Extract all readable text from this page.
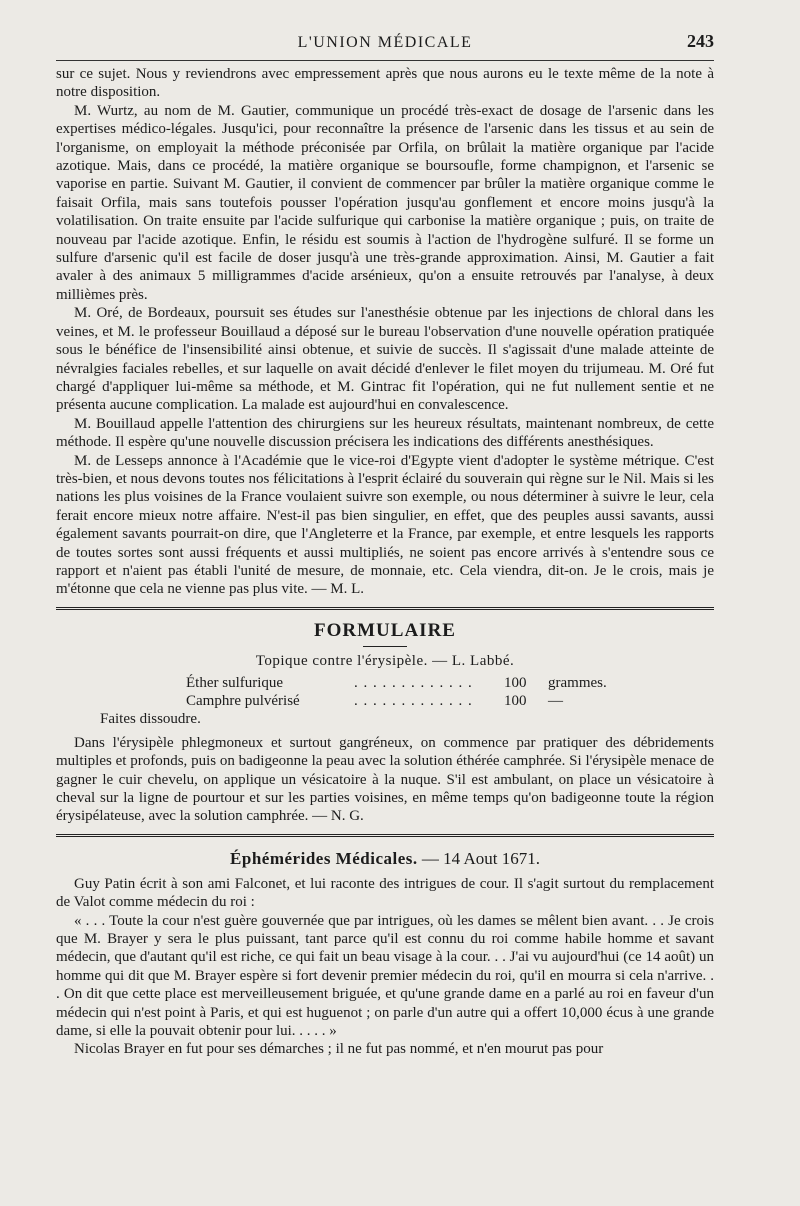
L'UNION MÉDICALE	243

sur ce sujet. Nous y reviendrons avec empressement après que nous aurons eu le texte même de la note à notre disposition.

M. Wurtz, au nom de M. Gautier, communique un procédé très-exact de dosage de l'arsenic dans les expertises médico-légales. Jusqu'ici, pour reconnaître la présence de l'arsenic dans les tissus et au sein de l'organisme, on employait la méthode préconisée par Orfila, on brûlait la matière organique par l'acide azotique. Mais, dans ce procédé, la matière organique se boursoufle, forme champignon, et l'arsenic se vaporise en partie. Suivant M. Gautier, il convient de commencer par brûler la matière organique comme le faisait Orfila, mais sans toutefois pousser l'opération jusqu'au gonflement et encore moins jusqu'à la volatilisation. On traite ensuite par l'acide sulfurique qui carbonise la matière organique ; puis, on traite de nouveau par l'acide azotique. Enfin, le résidu est soumis à l'action de l'hydrogène sulfuré. Il se forme un sulfure d'arsenic qu'il est facile de doser jusqu'à une très-grande approximation. Ainsi, M. Gautier a fait avaler à des animaux 5 milligrammes d'acide arsénieux, qu'on a ensuite retrouvés par l'analyse, à deux millièmes près.

M. Oré, de Bordeaux, poursuit ses études sur l'anesthésie obtenue par les injections de chloral dans les veines, et M. le professeur Bouillaud a déposé sur le bureau l'observation d'une nouvelle opération pratiquée sous le bénéfice de l'insensibilité ainsi obtenue, et suivie de succès. Il s'agissait d'une malade atteinte de névralgies faciales rebelles, et sur laquelle on avait décidé d'enlever le filet moyen du trijumeau. M. Oré fut chargé d'appliquer lui-même sa méthode, et M. Gintrac fit l'opération, qui ne fut nullement sentie et ne présenta aucune complication. La malade est aujourd'hui en convalescence.

M. Bouillaud appelle l'attention des chirurgiens sur les heureux résultats, maintenant nombreux, de cette méthode. Il espère qu'une nouvelle discussion précisera les indications des différents anesthésiques.

M. de Lesseps annonce à l'Académie que le vice-roi d'Egypte vient d'adopter le système métrique. C'est très-bien, et nous devons toutes nos félicitations à l'esprit éclairé du souverain qui règne sur le Nil. Mais si les nations les plus voisines de la France voulaient suivre son exemple, ou nous déterminer à suivre le leur, cela ferait encore mieux notre affaire. N'est-il pas bien singulier, en effet, que des peuples aussi savants, aussi également savants pourrait-on dire, que l'Angleterre et la France, par exemple, et entre lesquels les rapports de toutes sortes sont aussi fréquents et aussi multipliés, ne soient pas encore arrivés à s'entendre sous ce rapport et n'aient pas établi l'unité de mesure, de monnaie, etc. Cela viendra, dit-on. Je le crois, mais je m'étonne que cela ne vienne pas plus vite. — M. L.

FORMULAIRE
Topique contre l'érysipèle. — L. Labbé.
Éther sulfurique	. . . . . . . . . . . . . 100 grammes.
Camphre pulvérisé	. . . . . . . . . . . . . 100 —
Faites dissoudre.

Dans l'érysipèle phlegmoneux et surtout gangréneux, on commence par pratiquer des débridements multiples et profonds, puis on badigeonne la peau avec la solution éthérée camphrée. Si l'érysipèle menace de gagner le cuir chevelu, on applique un vésicatoire à la nuque. S'il est ambulant, on place un vésicatoire à cheval sur la ligne de pourtour et sur les parties voisines, en même temps qu'on badigeonne toute la région érysipélateuse, avec la solution camphrée. — N. G.

Éphémérides Médicales. — 14 Aout 1671.

Guy Patin écrit à son ami Falconet, et lui raconte des intrigues de cour. Il s'agit surtout du remplacement de Valot comme médecin du roi :

« . . . Toute la cour n'est guère gouvernée que par intrigues, où les dames se mêlent bien avant. . . Je crois que M. Brayer y sera le plus puissant, tant parce qu'il est connu du roi comme habile homme et savant médecin, que d'autant qu'il est riche, ce qui fait un beau visage à la cour. . . J'ai vu aujourd'hui (ce 14 août) un homme qui dit que M. Brayer espère si fort devenir premier médecin du roi, qu'il en mourra si cela n'arrive. . . On dit que cette place est merveilleusement briguée, et qu'une grande dame en a parlé au roi en faveur d'un médecin qui n'est point à Paris, et qui est huguenot ; on parle d'un autre qui a offert 10,000 écus à une grande dame, si elle la pouvait obtenir pour lui. . . . . »

Nicolas Brayer en fut pour ses démarches ; il ne fut pas nommé, et n'en mourut pas pour
